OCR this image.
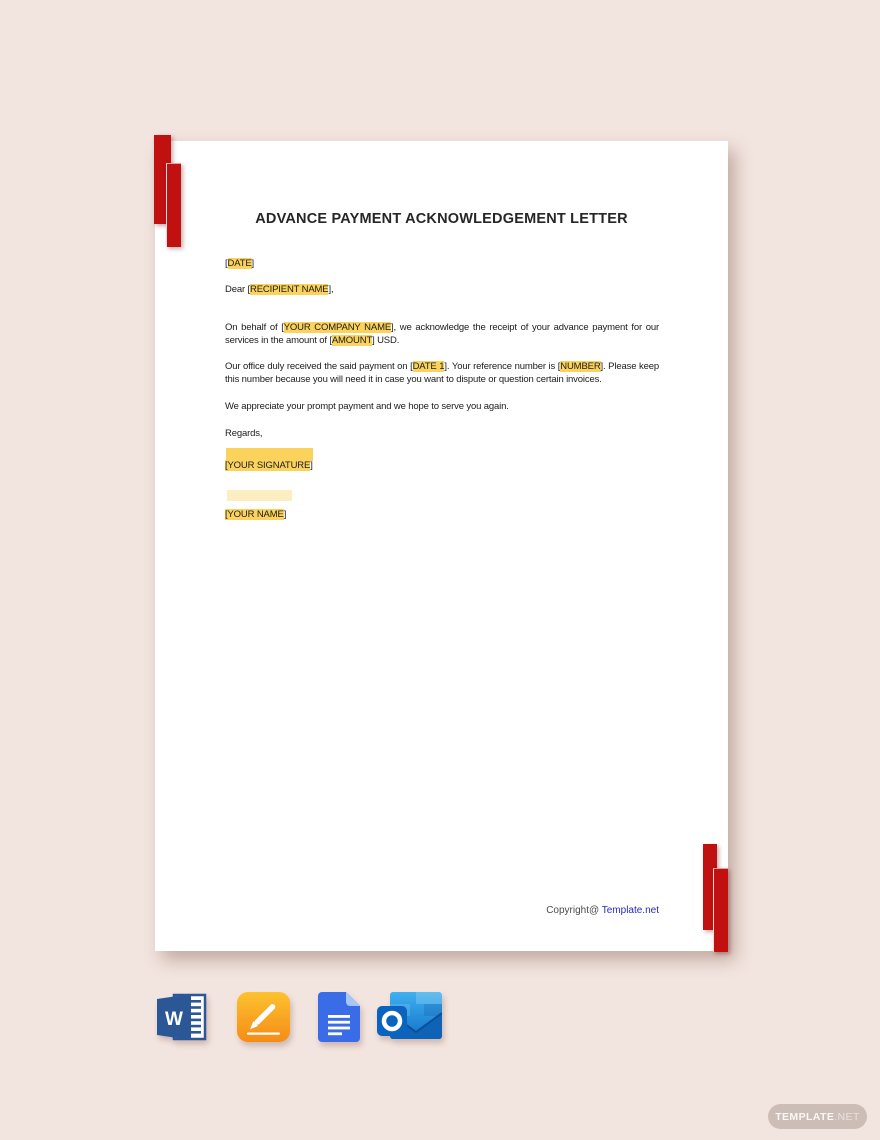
ADVANCE PAYMENT ACKNOWLEDGEMENT LETTER
[DATE]
Dear [RECIPIENT NAME],
On behalf of [YOUR COMPANY NAME], we acknowledge the receipt of your advance payment for our services in the amount of [AMOUNT] USD.
Our office duly received the said payment on [DATE 1]. Your reference number is [NUMBER]. Please keep this number because you will need it in case you want to dispute or question certain invoices.
We appreciate your prompt payment and we hope to serve you again.
Regards,
[YOUR SIGNATURE]
[YOUR NAME]
Copyright@ Template.net
W
TEMPLATE .NET
